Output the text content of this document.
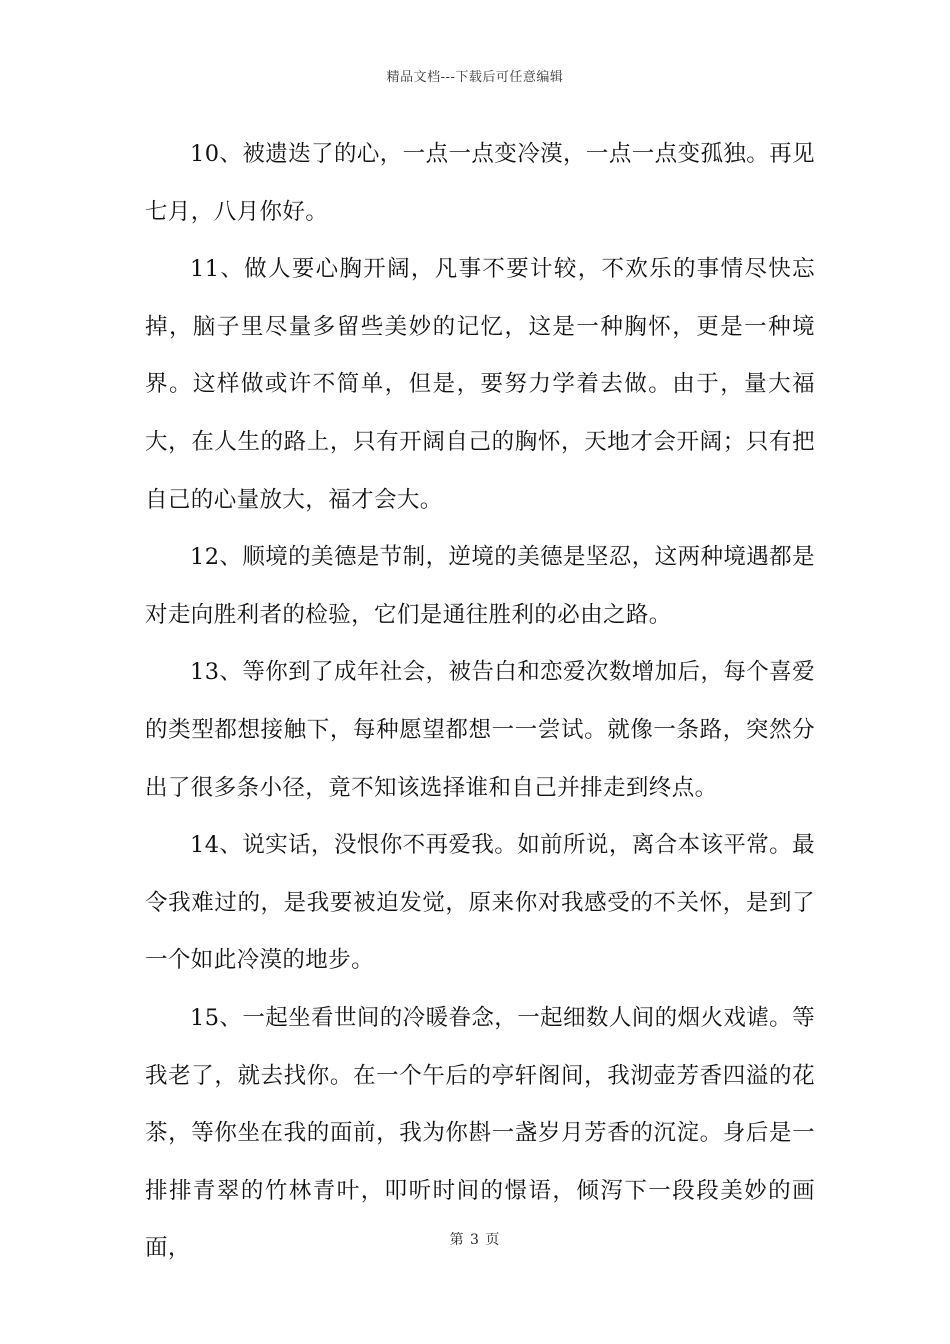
精品文档---下载后可任意编辑

10、被遗迭了的心，一点一点变冷漠，一点一点变孤独。再见七月，八月你好。

11、做人要心胸开阔，凡事不要计较，不欢乐的事情尽快忘掉，脑子里尽量多留些美妙的记忆，这是一种胸怀，更是一种境界。这样做或许不简单，但是，要努力学着去做。由于，量大福大，在人生的路上，只有开阔自己的胸怀，天地才会开阔；只有把自己的心量放大，福才会大。

12、顺境的美德是节制，逆境的美德是坚忍，这两种境遇都是对走向胜利者的检验，它们是通往胜利的必由之路。

13、等你到了成年社会，被告白和恋爱次数增加后，每个喜爱的类型都想接触下，每种愿望都想一一尝试。就像一条路，突然分出了很多条小径，竟不知该选择谁和自己并排走到终点。

14、说实话，没恨你不再爱我。如前所说，离合本该平常。最令我难过的，是我要被迫发觉，原来你对我感受的不关怀，是到了一个如此冷漠的地步。

15、一起坐看世间的冷暖眷念，一起细数人间的烟火戏谑。等我老了，就去找你。在一个午后的亭轩阁间，我沏壶芳香四溢的花茶，等你坐在我的面前，我为你斟一盏岁月芳香的沉淀。身后是一排排青翠的竹林青叶，叩听时间的憬语，倾泻下一段段美妙的画面，	第 3 页
